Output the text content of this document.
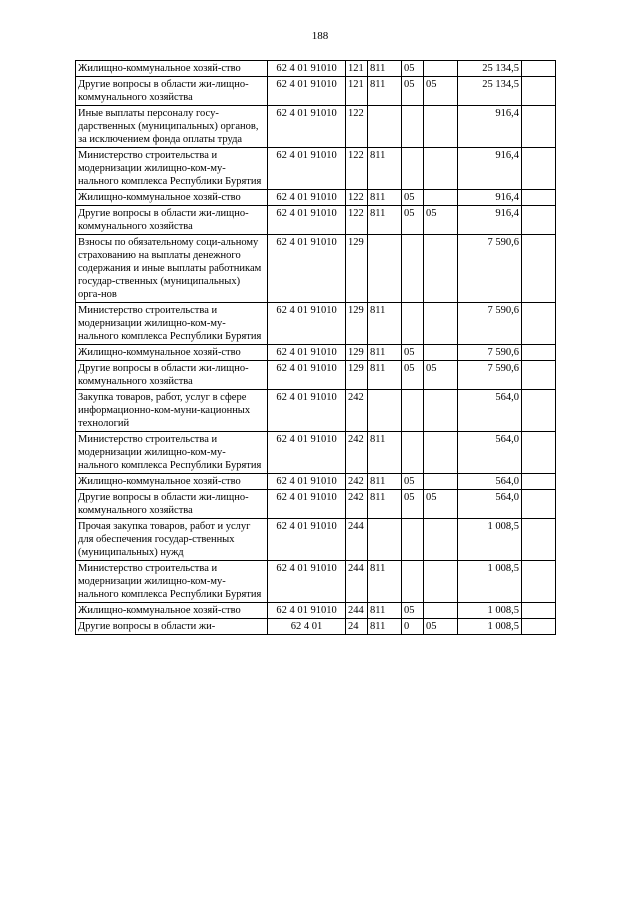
188
Жилищно-коммунальное хозяй-ство	62 4 01 91010	121	811	05		25 134,5	
Другие вопросы в области жи-лищно-коммунального хозяйства	62 4 01 91010	121	811	05	05	25 134,5	
Иные выплаты персоналу госу-дарственных (муниципальных) органов, за исключением фонда оплаты труда	62 4 01 91010	122				916,4	
Министерство строительства и модернизации жилищно-ком-му-нального комплекса Республики Бурятия	62 4 01 91010	122	811			916,4	
Жилищно-коммунальное хозяй-ство	62 4 01 91010	122	811	05		916,4	
Другие вопросы в области жи-лищно-коммунального хозяйства	62 4 01 91010	122	811	05	05	916,4	
Взносы по обязательному соци-альному страхованию на выплаты денежного содержания и иные выплаты работникам государ-ственных (муниципальных) орга-нов	62 4 01 91010	129				7 590,6	
Министерство строительства и модернизации жилищно-ком-му-нального комплекса Республики Бурятия	62 4 01 91010	129	811			7 590,6	
Жилищно-коммунальное хозяй-ство	62 4 01 91010	129	811	05		7 590,6	
Другие вопросы в области жи-лищно-коммунального хозяйства	62 4 01 91010	129	811	05	05	7 590,6	
Закупка товаров, работ, услуг в сфере информационно-ком-муни-кационных технологий	62 4 01 91010	242				564,0	
Министерство строительства и модернизации жилищно-ком-му-нального комплекса Республики Бурятия	62 4 01 91010	242	811			564,0	
Жилищно-коммунальное хозяй-ство	62 4 01 91010	242	811	05		564,0	
Другие вопросы в области жи-лищно-коммунального хозяйства	62 4 01 91010	242	811	05	05	564,0	
Прочая закупка товаров, работ и услуг для обеспечения государ-ственных (муниципальных) нужд	62 4 01 91010	244				1 008,5	
Министерство строительства и модернизации жилищно-ком-му-нального комплекса Республики Бурятия	62 4 01 91010	244	811			1 008,5	
Жилищно-коммунальное хозяй-ство	62 4 01 91010	244	811	05		1 008,5	
Другие вопросы в области жи-	62 4 01	24	811	0	05	1 008,5	
